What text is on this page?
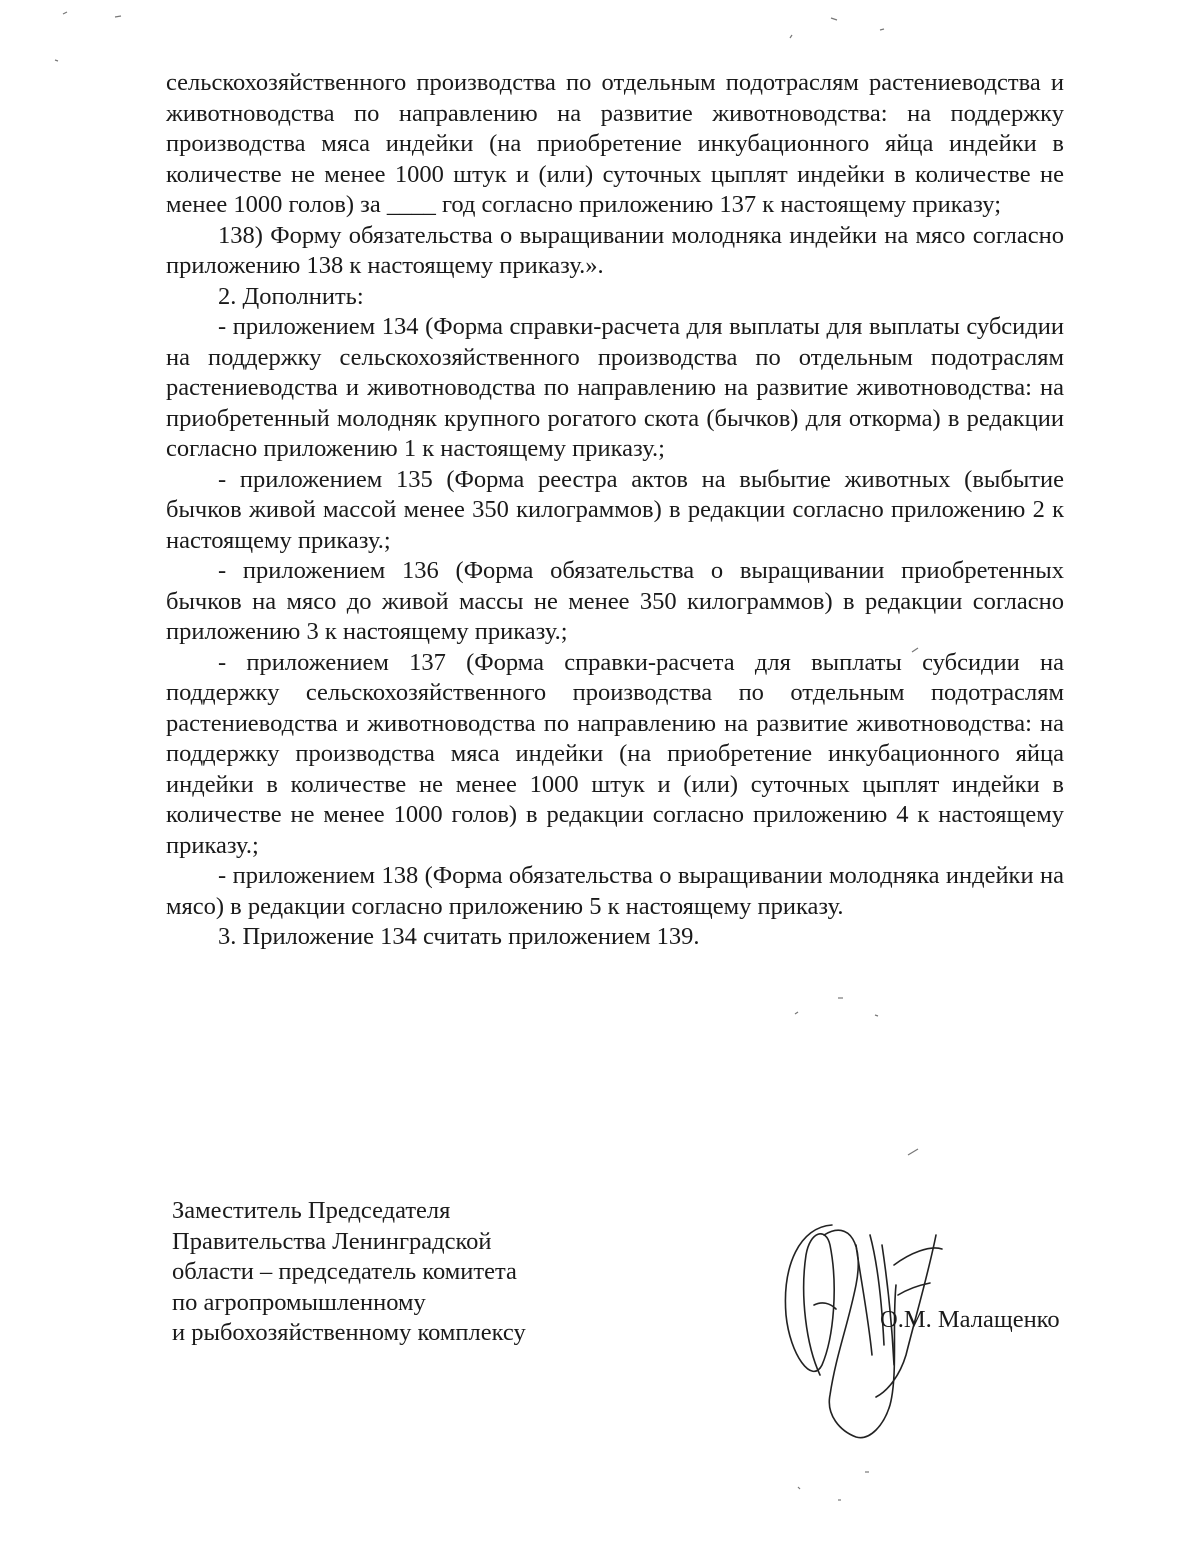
сельскохозяйственного производства по отдельным подотраслям растениеводства и животноводства по направлению на развитие животноводства: на поддержку производства мяса индейки (на приобретение инкубационного яйца индейки в количестве не менее 1000 штук и (или) суточных цыплят индейки в количестве не менее 1000 голов) за ____ год согласно приложению 137 к настоящему приказу;

138) Форму обязательства о выращивании молодняка индейки на мясо согласно приложению 138 к настоящему приказу.».

2. Дополнить:

- приложением 134 (Форма справки-расчета для выплаты для выплаты субсидии на поддержку сельскохозяйственного производства по отдельным подотраслям растениеводства и животноводства по направлению на развитие животноводства: на приобретенный молодняк крупного рогатого скота (бычков) для откорма) в редакции согласно приложению 1 к настоящему приказу.;

- приложением 135 (Форма реестра актов на выбытие животных (выбытие бычков живой массой менее 350 килограммов) в редакции согласно приложению 2 к настоящему приказу.;

- приложением 136 (Форма обязательства о выращивании приобретенных бычков на мясо до живой массы не менее 350 килограммов) в редакции согласно приложению 3 к настоящему приказу.;

- приложением 137 (Форма справки-расчета для выплаты субсидии на поддержку сельскохозяйственного производства по отдельным подотраслям растениеводства и животноводства по направлению на развитие животноводства: на поддержку производства мяса индейки (на приобретение инкубационного яйца индейки в количестве не менее 1000 штук и (или) суточных цыплят индейки в количестве не менее 1000 голов) в редакции согласно приложению 4 к настоящему приказу.;

- приложением 138 (Форма обязательства о выращивании молодняка индейки на мясо) в редакции согласно приложению 5 к настоящему приказу.

3. Приложение 134 считать приложением 139.

Заместитель Председателя
Правительства Ленинградской
области – председатель комитета
по агропромышленному
и рыбохозяйственному комплексу	О.М. Малащенко
